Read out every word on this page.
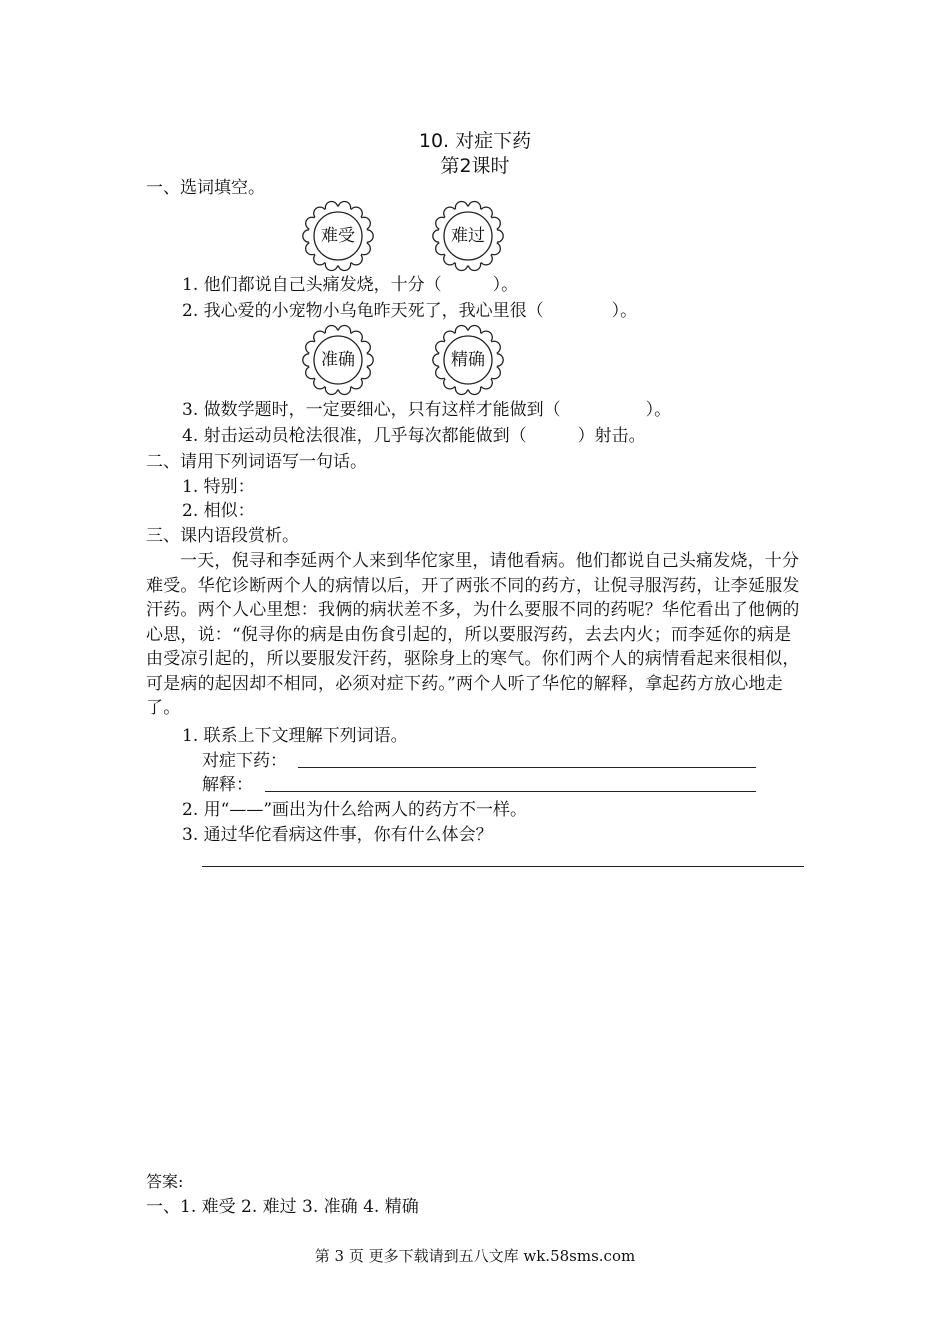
10. 对症下药
第2课时
一、选词填空。
难受	难过
1. 他们都说自己头痛发烧，十分（　　　）。
2. 我心爱的小宠物小乌龟昨天死了，我心里很（　　　　）。
准确	精确
3. 做数学题时，一定要细心，只有这样才能做到（　　　　　）。
4. 射击运动员枪法很准，几乎每次都能做到（　　　）射击。
二、请用下列词语写一句话。
1. 特别：
2. 相似：
三、课内语段赏析。
一天，倪寻和李延两个人来到华佗家里，请他看病。他们都说自己头痛发烧，十分难受。华佗诊断两个人的病情以后，开了两张不同的药方，让倪寻服泻药，让李延服发汗药。两个人心里想：我俩的病状差不多，为什么要服不同的药呢？华佗看出了他俩的心思，说：“倪寻你的病是由伤食引起的，所以要服泻药，去去内火；而李延你的病是由受凉引起的，所以要服发汗药，驱除身上的寒气。你们两个人的病情看起来很相似，可是病的起因却不相同，必须对症下药。”两个人听了华佗的解释，拿起药方放心地走了。
1. 联系上下文理解下列词语。
对症下药：
解释：
2. 用“——”画出为什么给两人的药方不一样。
3. 通过华佗看病这件事，你有什么体会？
答案:
一、1. 难受 2. 难过 3. 准确 4. 精确
第 3 页 更多下载请到五八文库 wk.58sms.com
